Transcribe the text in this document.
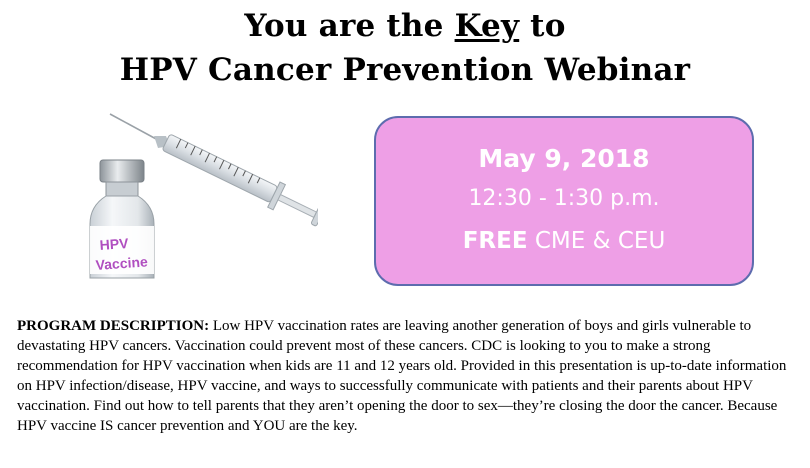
You are the Key to
HPV Cancer Prevention Webinar
HPV
Vaccine
May 9, 2018
12:30 - 1:30 p.m.
FREE CME & CEU
PROGRAM DESCRIPTION: Low HPV vaccination rates are leaving another generation of boys and girls vulnerable to devastating HPV cancers. Vaccination could prevent most of these cancers. CDC is looking to you to make a strong recommendation for HPV vaccination when kids are 11 and 12 years old. Provided in this presentation is up-to-date information on HPV infection/disease, HPV vaccine, and ways to successfully communicate with patients and their parents about HPV vaccination. Find out how to tell parents that they aren’t opening the door to sex—they’re closing the door the cancer. Because HPV vaccine IS cancer prevention and YOU are the key.
